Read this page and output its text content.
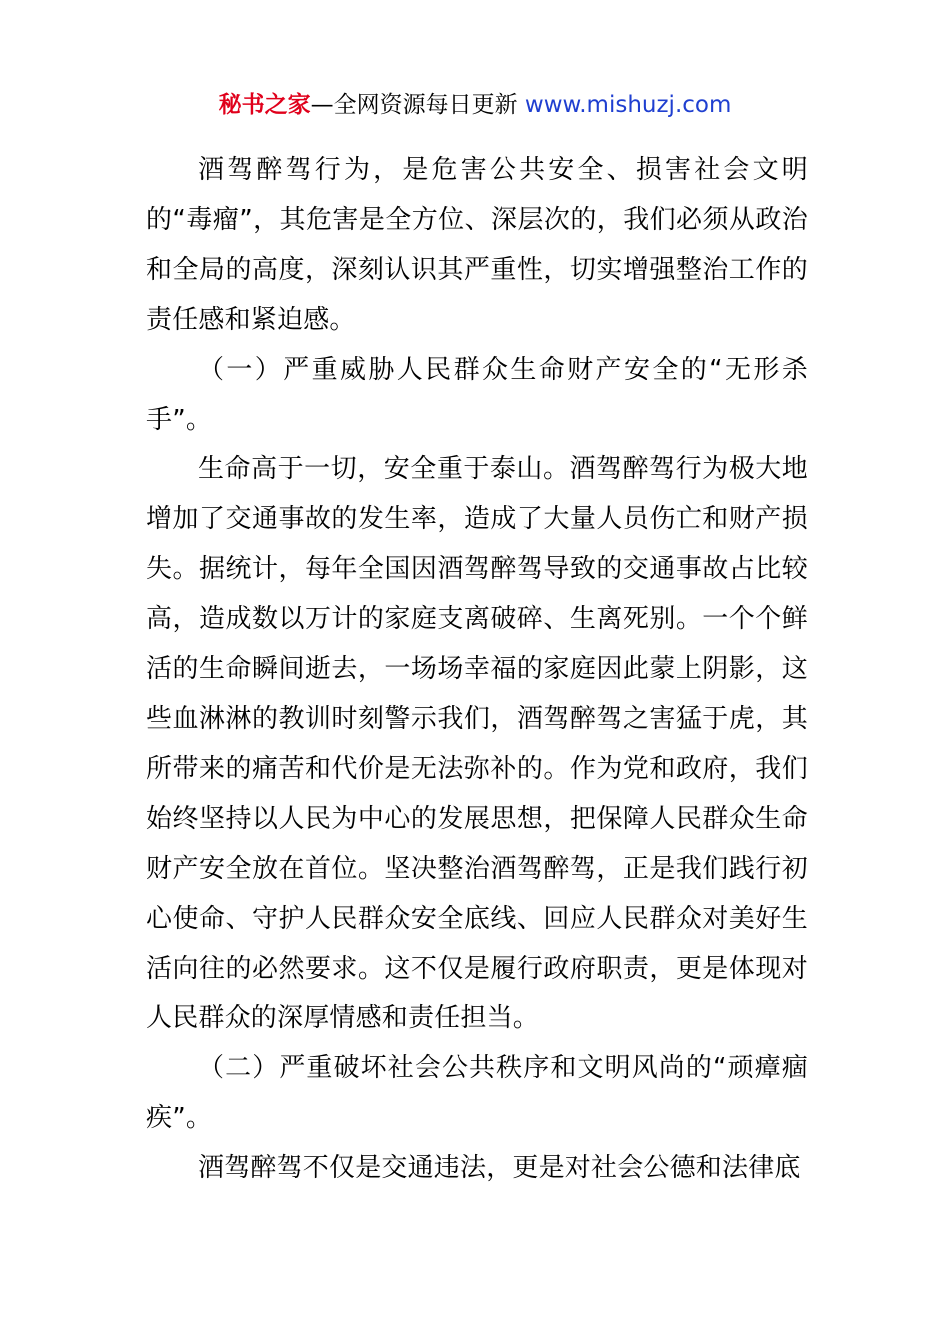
秘书之家—全网资源每日更新 www.mishuzj.com

酒驾醉驾行为，是危害公共安全、损害社会文明的“毒瘤”，其危害是全方位、深层次的，我们必须从政治和全局的高度，深刻认识其严重性，切实增强整治工作的责任感和紧迫感。

（一）严重威胁人民群众生命财产安全的“无形杀手”。

生命高于一切，安全重于泰山。酒驾醉驾行为极大地增加了交通事故的发生率，造成了大量人员伤亡和财产损失。据统计，每年全国因酒驾醉驾导致的交通事故占比较高，造成数以万计的家庭支离破碎、生离死别。一个个鲜活的生命瞬间逝去，一场场幸福的家庭因此蒙上阴影，这些血淋淋的教训时刻警示我们，酒驾醉驾之害猛于虎，其所带来的痛苦和代价是无法弥补的。作为党和政府，我们始终坚持以人民为中心的发展思想，把保障人民群众生命财产安全放在首位。坚决整治酒驾醉驾，正是我们践行初心使命、守护人民群众安全底线、回应人民群众对美好生活向往的必然要求。这不仅是履行政府职责，更是体现对人民群众的深厚情感和责任担当。

（二）严重破坏社会公共秩序和文明风尚的“顽瘴痼疾”。

酒驾醉驾不仅是交通违法，更是对社会公德和法律底
